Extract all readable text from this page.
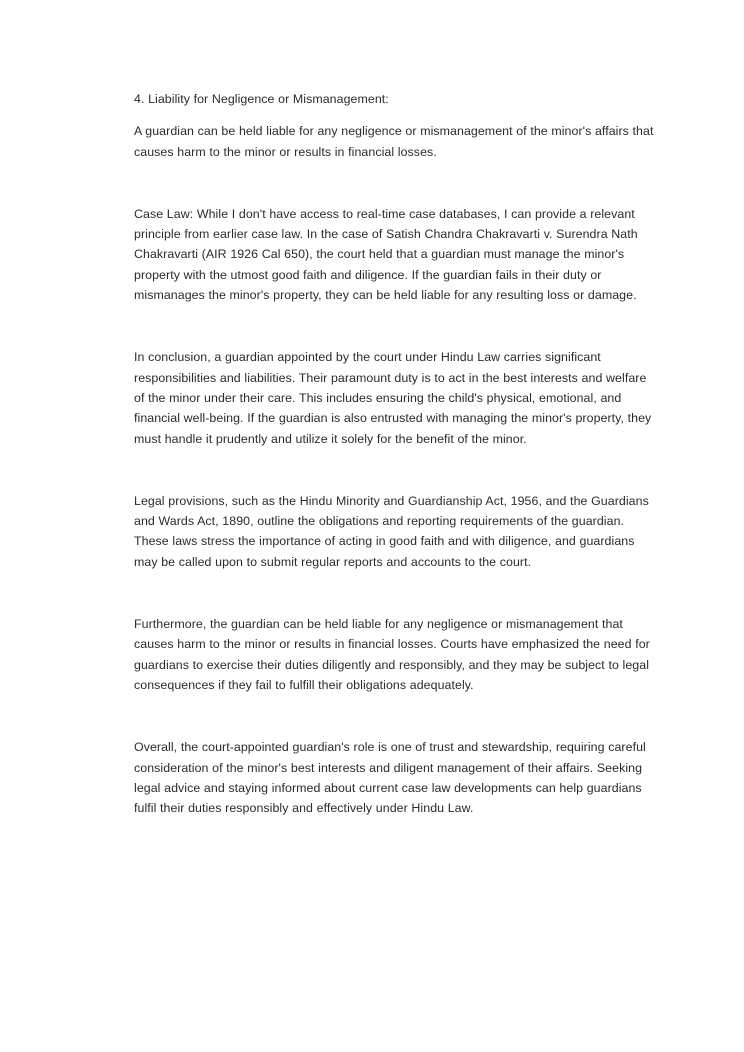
4. Liability for Negligence or Mismanagement:

A guardian can be held liable for any negligence or mismanagement of the minor's affairs that causes harm to the minor or results in financial losses.

Case Law: While I don't have access to real-time case databases, I can provide a relevant principle from earlier case law. In the case of Satish Chandra Chakravarti v. Surendra Nath Chakravarti (AIR 1926 Cal 650), the court held that a guardian must manage the minor's property with the utmost good faith and diligence. If the guardian fails in their duty or mismanages the minor's property, they can be held liable for any resulting loss or damage.

In conclusion, a guardian appointed by the court under Hindu Law carries significant responsibilities and liabilities. Their paramount duty is to act in the best interests and welfare of the minor under their care. This includes ensuring the child's physical, emotional, and financial well-being. If the guardian is also entrusted with managing the minor's property, they must handle it prudently and utilize it solely for the benefit of the minor.

Legal provisions, such as the Hindu Minority and Guardianship Act, 1956, and the Guardians and Wards Act, 1890, outline the obligations and reporting requirements of the guardian. These laws stress the importance of acting in good faith and with diligence, and guardians may be called upon to submit regular reports and accounts to the court.

Furthermore, the guardian can be held liable for any negligence or mismanagement that causes harm to the minor or results in financial losses. Courts have emphasized the need for guardians to exercise their duties diligently and responsibly, and they may be subject to legal consequences if they fail to fulfill their obligations adequately.

Overall, the court-appointed guardian's role is one of trust and stewardship, requiring careful consideration of the minor's best interests and diligent management of their affairs. Seeking legal advice and staying informed about current case law developments can help guardians fulfil their duties responsibly and effectively under Hindu Law.
